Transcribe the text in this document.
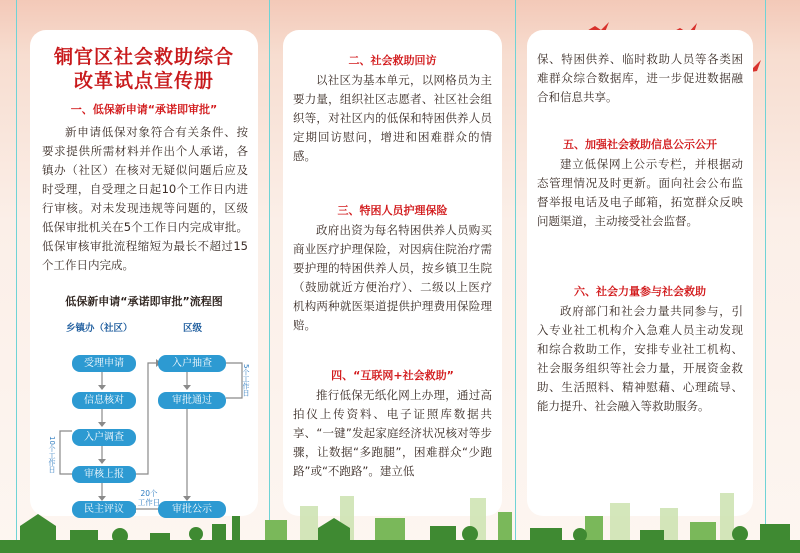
铜官区社会救助综合
改革试点宣传册
一、低保新申请“承诺即审批”

新申请低保对象符合有关条件、按要求提供所需材料并作出个人承诺，各镇办（社区）在核对无疑似问题后应及时受理，自受理之日起10个工作日内进行审核。对未发现违规等问题的，区级低保审批机关在5个工作日内完成审批。低保审核审批流程缩短为最长不超过15个工作日内完成。

低保新申请“承诺即审批”流程图
乡镇办（社区）	区级
受理申请
信息核对
入户调查
审核上报
民主评议
入户抽查
审批通过
审批公示
10个工作日
5个工作日
20个
工作日
二、社会救助回访

以社区为基本单元，以网格员为主要力量，组织社区志愿者、社区社会组织等，对社区内的低保和特困供养人员定期回访慰问，增进和困难群众的情感。

三、特困人员护理保险

政府出资为每名特困供养人员购买商业医疗护理保险，对因病住院治疗需要护理的特困供养人员，按乡镇卫生院（鼓励就近方便治疗）、二级以上医疗机构两种就医渠道提供护理费用保险理赔。

四、“互联网+社会救助”

推行低保无纸化网上办理，通过高拍仪上传资料、电子证照库数据共享、“一键”发起家庭经济状况核对等步骤，让数据“多跑腿”，困难群众“少跑路”或“不跑路”。建立低

保、特困供养、临时救助人员等各类困难群众综合数据库，进一步促进数据融合和信息共享。

五、加强社会救助信息公示公开

建立低保网上公示专栏，并根据动态管理情况及时更新。面向社会公布监督举报电话及电子邮箱，拓宽群众反映问题渠道，主动接受社会监督。

六、社会力量参与社会救助

政府部门和社会力量共同参与，引入专业社工机构介入急难人员主动发现和综合救助工作，安排专业社工机构、社会服务组织等社会力量，开展资金救助、生活照料、精神慰藉、心理疏导、能力提升、社会融入等救助服务。
